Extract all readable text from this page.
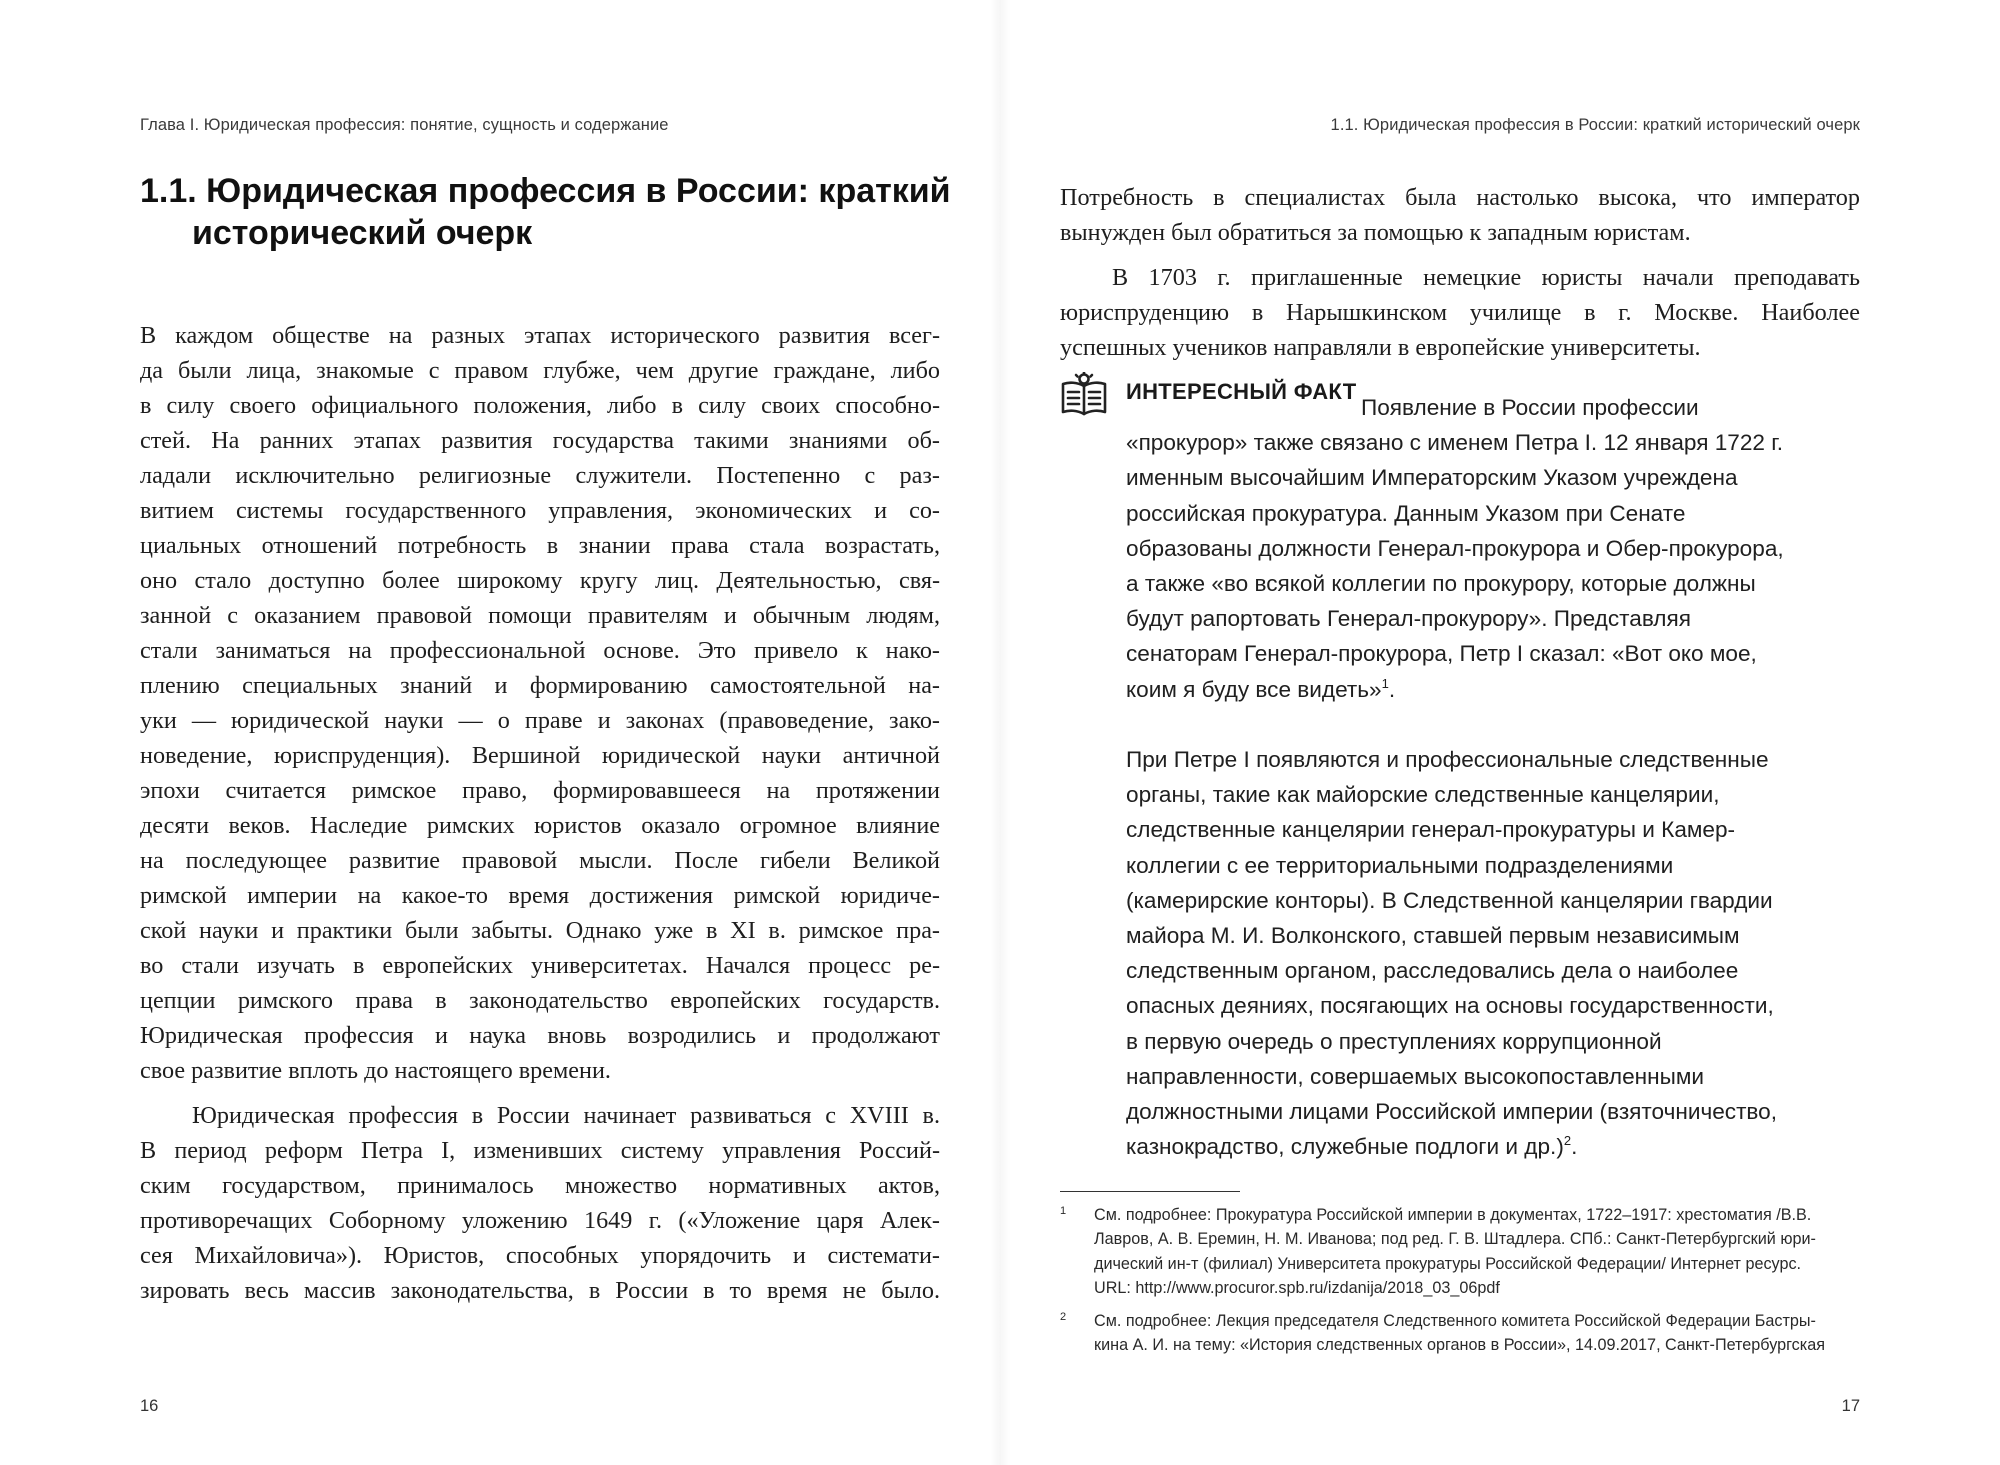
Глава I. Юридическая профессия: понятие, сущность и содержание
1.1. Юридическая профессия в России: краткий
исторический очерк
В каждом обществе на разных этапах исторического развития всег-
да были лица, знакомые с правом глубже, чем другие граждане, либо
в силу своего официального положения, либо в силу своих способно-
стей. На ранних этапах развития государства такими знаниями об-
ладали исключительно религиозные служители. Постепенно с раз-
витием системы государственного управления, экономических и со-
циальных отношений потребность в знании права стала возрастать,
оно стало доступно более широкому кругу лиц. Деятельностью, свя-
занной с оказанием правовой помощи правителям и обычным людям,
стали заниматься на профессиональной основе. Это привело к нако-
плению специальных знаний и формированию самостоятельной на-
уки — юридической науки — о праве и законах (правоведение, зако-
новедение, юриспруденция). Вершиной юридической науки античной
эпохи считается римское право, формировавшееся на протяжении
десяти веков. Наследие римских юристов оказало огромное влияние
на последующее развитие правовой мысли. После гибели Великой
римской империи на какое-то время достижения римской юридиче-
ской науки и практики были забыты. Однако уже в XI в. римское пра-
во стали изучать в европейских университетах. Начался процесс ре-
цепции римского права в законодательство европейских государств.
Юридическая профессия и наука вновь возродились и продолжают
свое развитие вплоть до настоящего времени.
Юридическая профессия в России начинает развиваться с XVIII в.
В период реформ Петра I, изменивших систему управления Россий-
ским государством, принималось множество нормативных актов,
противоречащих Соборному уложению 1649 г. («Уложение царя Алек-
сея Михайловича»). Юристов, способных упорядочить и системати-
зировать весь массив законодательства, в России в то время не было.
16
1.1. Юридическая профессия в России: краткий исторический очерк
17
Потребность в специалистах была настолько высока, что император
вынужден был обратиться за помощью к западным юристам.
В 1703 г. приглашенные немецкие юристы начали преподавать
юриспруденцию в Нарышкинском училище в г. Москве. Наиболее
успешных учеников направляли в европейские университеты.
ИНТЕРЕСНЫЙ ФАКТ
Появление в России профессии
«прокурор» также связано с именем Петра I. 12 января 1722 г.
именным высочайшим Императорским Указом учреждена
российская прокуратура. Данным Указом при Сенате
образованы должности Генерал-прокурора и Обер-прокурора,
а также «во всякой коллегии по прокурору, которые должны
будут рапортовать Генерал-прокурору». Представляя
сенаторам Генерал-прокурора, Петр I сказал: «Вот око мое,
коим я буду все видеть»$^1$.
При Петре I появляются и профессиональные следственные
органы, такие как майорские следственные канцелярии,
следственные канцелярии генерал-прокуратуры и Камер-
коллегии с ее территориальными подразделениями
(камерирские конторы). В Следственной канцелярии гвардии
майора М. И. Волконского, ставшей первым независимым
следственным органом, расследовались дела о наиболее
опасных деяниях, посягающих на основы государственности,
в первую очередь о преступлениях коррупционной
направленности, совершаемых высокопоставленными
должностными лицами Российской империи (взяточничество,
казнокрадство, служебные подлоги и др.)$^2$.
1 См. подробнее: Прокуратура Российской империи в документах, 1722–1917: хрестоматия /В.В.
Лавров, А. В. Еремин, Н. М. Иванова; под ред. Г. В. Штадлера. СПб.: Санкт-Петербургский юри-
дический ин-т (филиал) Университета прокуратуры Российской Федерации/ Интернет ресурс.
URL: http://www.procuror.spb.ru/izdanija/2018_03_06pdf
2 См. подробнее: Лекция председателя Следственного комитета Российской Федерации Бастры-
кина А. И. на тему: «История следственных органов в России», 14.09.2017, Санкт-Петербургская
